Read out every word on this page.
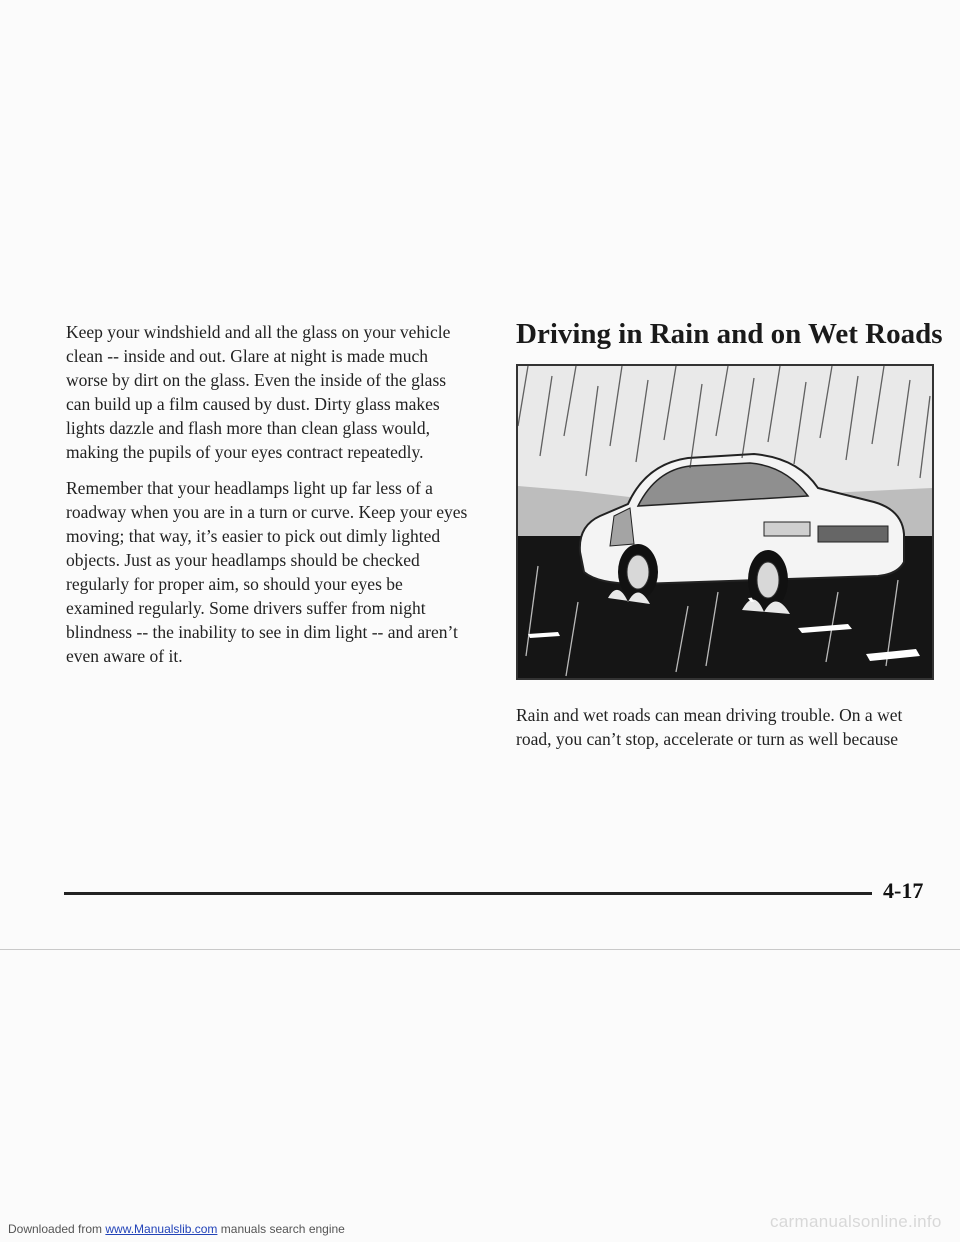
Keep your windshield and all the glass on your vehicle clean -- inside and out. Glare at night is made much worse by dirt on the glass. Even the inside of the glass can build up a film caused by dust. Dirty glass makes lights dazzle and flash more than clean glass would, making the pupils of your eyes contract repeatedly.

Remember that your headlamps light up far less of a roadway when you are in a turn or curve. Keep your eyes moving; that way, it’s easier to pick out dimly lighted objects. Just as your headlamps should be checked regularly for proper aim, so should your eyes be examined regularly. Some drivers suffer from night blindness -- the inability to see in dim light -- and aren’t even aware of it.

Driving in Rain and on Wet Roads

Rain and wet roads can mean driving trouble. On a wet road, you can’t stop, accelerate or turn as well because

4-17
Downloaded from www.Manualslib.com manuals search engine	carmanualsonline.info
